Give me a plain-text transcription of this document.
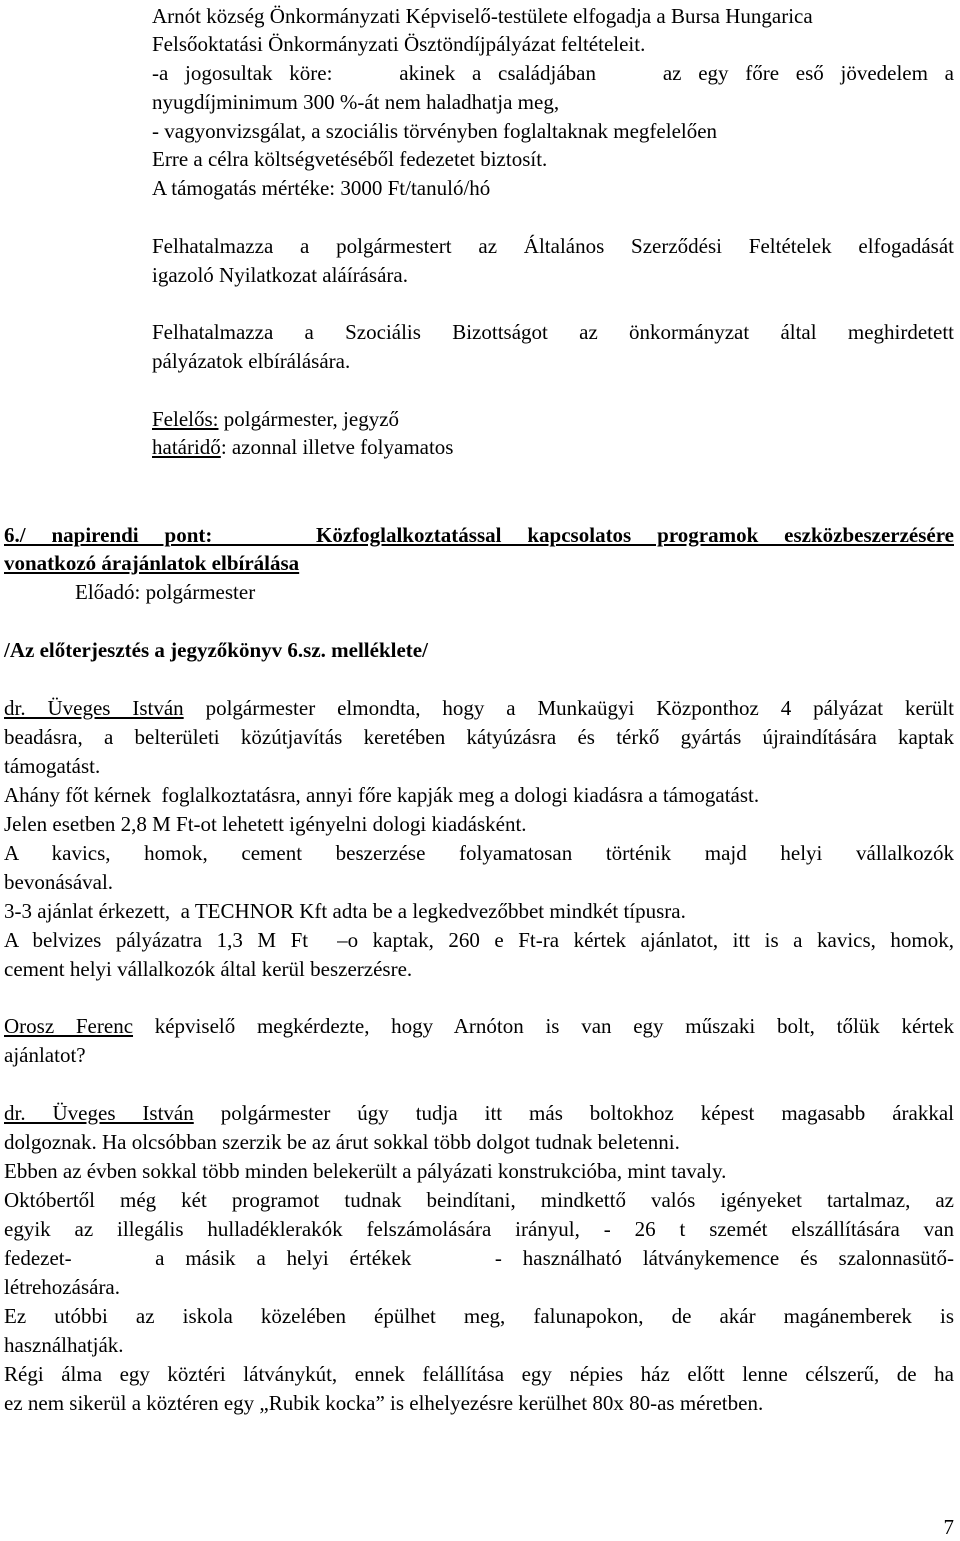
Arnót község Önkormányzati Képviselő-testülete elfogadja a Bursa Hungarica
Felsőoktatási Önkormányzati Ösztöndíjpályázat feltételeit.
-a jogosultak köre:    akinek a családjában    az egy főre eső jövedelem a
nyugdíjminimum 300 %-át nem haladhatja meg,
- vagyonvizsgálat, a szociális törvényben foglaltaknak megfelelően
Erre a célra költségvetéséből fedezetet biztosít.
A támogatás mértéke: 3000 Ft/tanuló/hó
Felhatalmazza a polgármestert az Általános Szerződési Feltételek elfogadását
igazoló Nyilatkozat aláírására.
Felhatalmazza a Szociális Bizottságot az önkormányzat által meghirdetett
pályázatok elbírálására.
Felelős: polgármester, jegyző
határidő: azonnal illetve folyamatos
6./ napirendi pont:    Közfoglalkoztatással kapcsolatos programok eszközbeszerzésére
vonatkozó árajánlatok elbírálása
Előadó: polgármester
/Az előterjesztés a jegyzőkönyv 6.sz. melléklete/
dr. Üveges István polgármester elmondta, hogy a Munkaügyi Központhoz 4 pályázat került
beadásra, a belterületi közútjavítás keretében kátyúzásra és térkő gyártás újraindítására kaptak
támogatást.
Ahány főt kérnek  foglalkoztatásra, annyi főre kapják meg a dologi kiadásra a támogatást.
Jelen esetben 2,8 M Ft-ot lehetett igényelni dologi kiadásként.
A kavics, homok, cement beszerzése folyamatosan történik majd helyi vállalkozók
bevonásával.
3-3 ajánlat érkezett,  a TECHNOR Kft adta be a legkedvezőbbet mindkét típusra.
A belvizes pályázatra 1,3 M Ft  –o kaptak, 260 e Ft-ra kértek ajánlatot, itt is a kavics, homok,
cement helyi vállalkozók által kerül beszerzésre.
Orosz Ferenc képviselő megkérdezte, hogy Arnóton is van egy műszaki bolt, tőlük kértek
ajánlatot?
dr. Üveges István polgármester úgy tudja itt más boltokhoz képest magasabb árakkal
dolgoznak. Ha olcsóbban szerzik be az árut sokkal több dolgot tudnak beletenni.
Ebben az évben sokkal több minden belekerült a pályázati konstrukcióba, mint tavaly.
Októbertől még két programot tudnak beindítani, mindkettő valós igényeket tartalmaz, az
egyik az illegális hulladéklerakók felszámolására irányul, - 26 t szemét elszállítására van
fedezet-    a másik a helyi értékek    - használható látványkemence és szalonnasütő-
létrehozására.
Ez utóbbi az iskola közelében épülhet meg, falunapokon, de akár magánemberek is
használhatják.
Régi álma egy köztéri látványkút, ennek felállítása egy népies ház előtt lenne célszerű, de ha
ez nem sikerül a köztéren egy „Rubik kocka” is elhelyezésre kerülhet 80x 80-as méretben.
7
